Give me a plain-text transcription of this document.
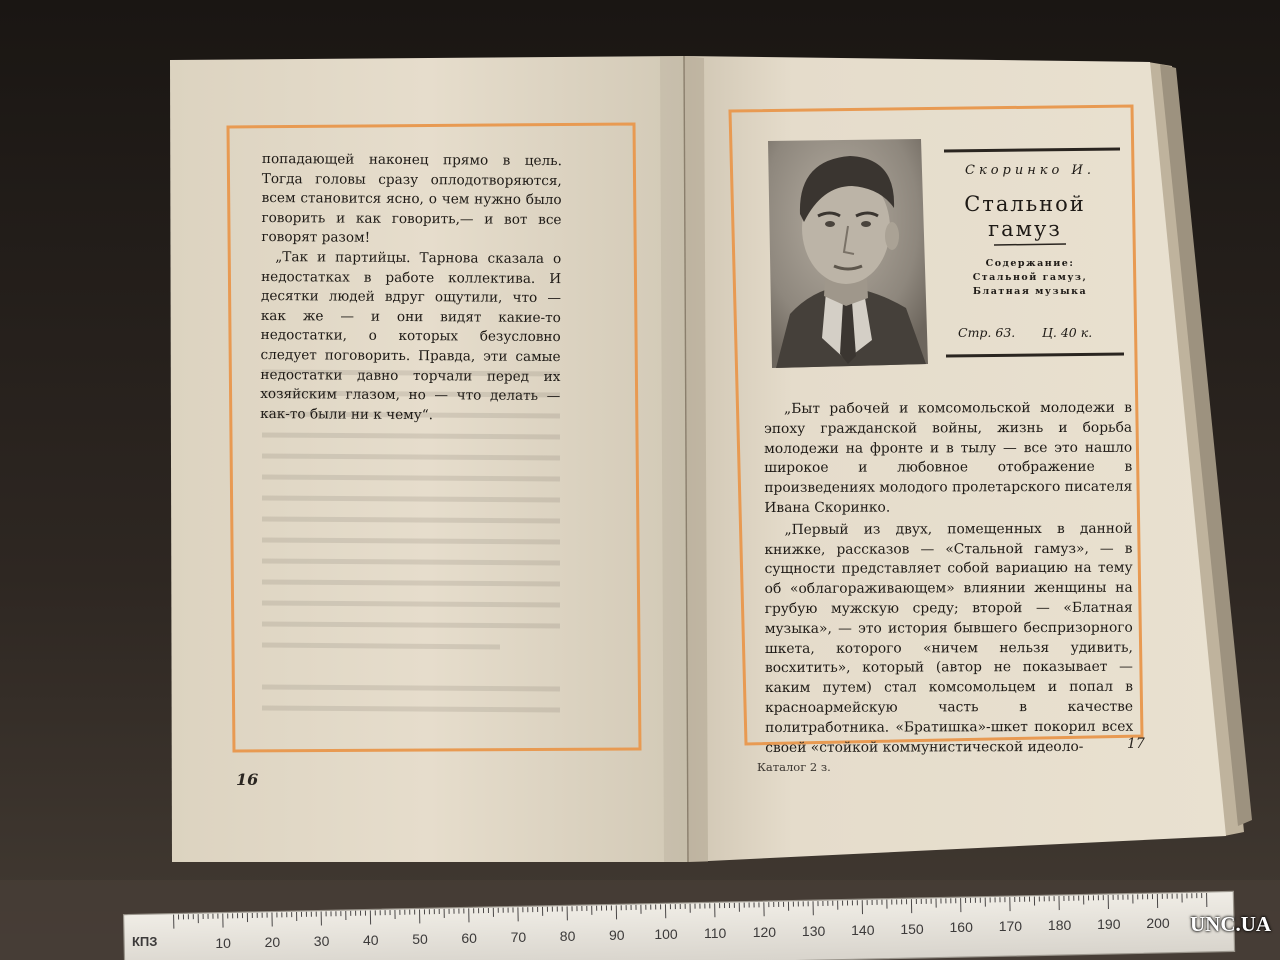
попадающей наконец прямо в цель. Тогда головы сразу оплодотворяются, всем становится ясно, о чем нужно было говорить и как говорить,— и вот все говорят разом!

„Так и партийцы. Тарнова сказала о недостатках в работе коллектива. И десятки людей вдруг ощутили, что — как же — и они видят какие-то недостатки, о которых безусловно следует поговорить. Правда, эти самые недостатки давно торчали перед их хозяйским глазом, но — что делать — как-то были ни к чему“.

16
Скоринко И.
Стальной гамуз
Содержание: Стальной гамуз, Блатная музыка
Стр. 63. Ц. 40 к.

„Быт рабочей и комсомольской молодежи в эпоху гражданской войны, жизнь и борьба молодежи на фронте и в тылу — все это нашло широкое и любовное отображение в произведениях молодого пролетарского писателя Ивана Скоринко.

„Первый из двух, помещенных в данной книжке, рассказов — «Стальной гамуз», — в сущности представляет собой вариацию на тему об «облагораживающем» влиянии женщины на грубую мужскую среду; второй — «Блатная музыка», — это история бывшего беспризорного шкета, которого «ничем нельзя удивить, восхитить», который (автор не показывает — каким путем) стал комсомольцем и попал в красноармейскую часть в качестве политработника. «Братишка»-шкет покорил всех своей «стойкой коммунистической идеоло-	17
Каталог 2 з.
КПЗ	10 20 30 40 50 60 70 80 90 100 110 120 130 140 150 160 170 180 190 200 UNC.UA
